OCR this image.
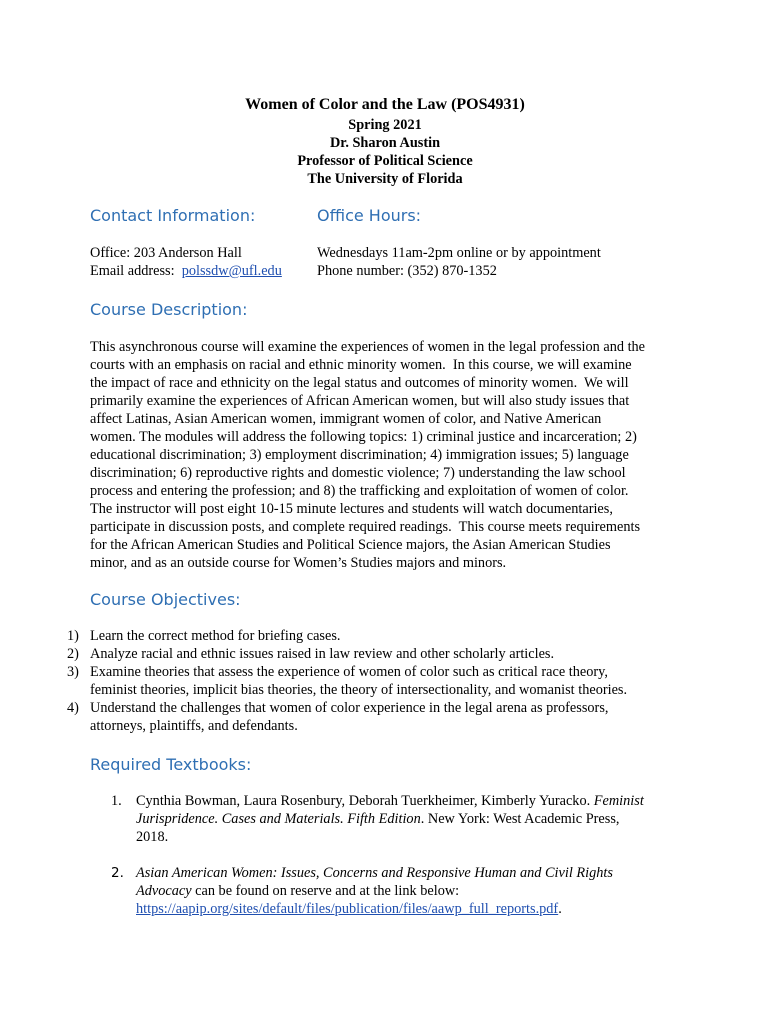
Women of Color and the Law (POS4931)
Spring 2021
Dr. Sharon Austin
Professor of Political Science
The University of Florida
Contact Information:	Office Hours:
Office: 203 Anderson Hall
Email address:  polssdw@ufl.edu
Wednesdays 11am-2pm online or by appointment
Phone number: (352) 870-1352
Course Description:
This asynchronous course will examine the experiences of women in the legal profession and the
courts with an emphasis on racial and ethnic minority women.  In this course, we will examine
the impact of race and ethnicity on the legal status and outcomes of minority women.  We will
primarily examine the experiences of African American women, but will also study issues that
affect Latinas, Asian American women, immigrant women of color, and Native American
women. The modules will address the following topics: 1) criminal justice and incarceration; 2)
educational discrimination; 3) employment discrimination; 4) immigration issues; 5) language
discrimination; 6) reproductive rights and domestic violence; 7) understanding the law school
process and entering the profession; and 8) the trafficking and exploitation of women of color.
The instructor will post eight 10-15 minute lectures and students will watch documentaries,
participate in discussion posts, and complete required readings.  This course meets requirements
for the African American Studies and Political Science majors, the Asian American Studies
minor, and as an outside course for Women’s Studies majors and minors.
Course Objectives:
1) Learn the correct method for briefing cases.
2) Analyze racial and ethnic issues raised in law review and other scholarly articles.
3) Examine theories that assess the experience of women of color such as critical race theory,
feminist theories, implicit bias theories, the theory of intersectionality, and womanist theories.
4) Understand the challenges that women of color experience in the legal arena as professors,
attorneys, plaintiffs, and defendants.
Required Textbooks:
1. Cynthia Bowman, Laura Rosenbury, Deborah Tuerkheimer, Kimberly Yuracko. Feminist
Jurispridence. Cases and Materials. Fifth Edition. New York: West Academic Press,
2018.
2. Asian American Women: Issues, Concerns and Responsive Human and Civil Rights
Advocacy can be found on reserve and at the link below:
https://aapip.org/sites/default/files/publication/files/aawp_full_reports.pdf.
